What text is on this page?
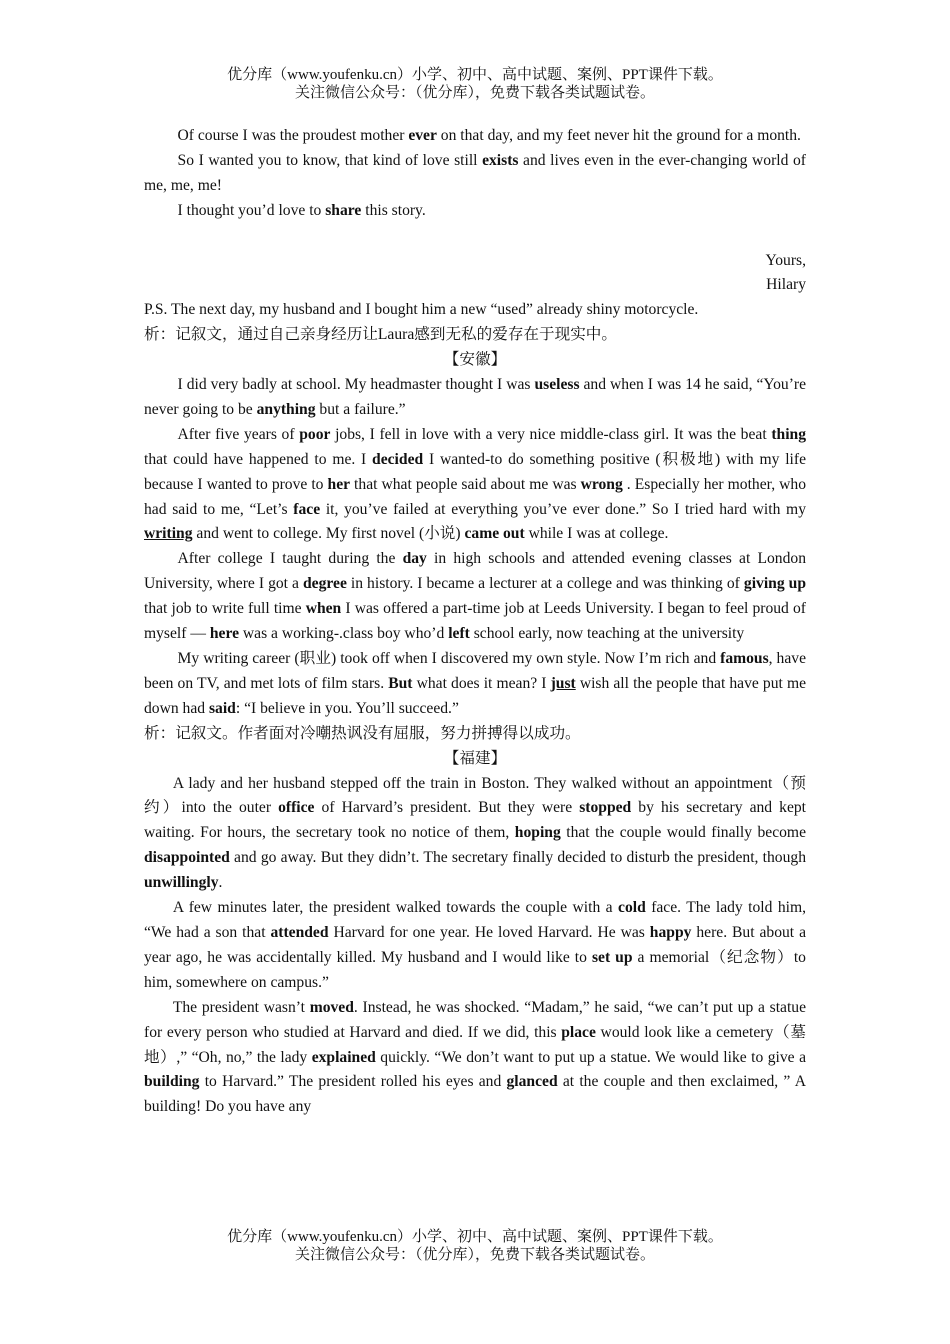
优分库（www.youfenku.cn）小学、初中、高中试题、案例、PPT课件下载。
关注微信公众号：（优分库），免费下载各类试题试卷。

Of course I was the proudest mother ever on that day, and my feet never hit the ground for a month.

So I wanted you to know, that kind of love still exists and lives even in the ever-changing world of me, me, me!

I thought you’d love to share this story.

Yours,

Hilary

P.S. The next day, my husband and I bought him a new “used” already shiny motorcycle.

析：记叙文，通过自己亲身经历让Laura感到无私的爱存在于现实中。

【安徽】

I did very badly at school. My headmaster thought I was useless and when I was 14 he said, “You’re never going to be anything but a failure.”

After five years of poor jobs, I fell in love with a very nice middle-class girl. It was the beat thing that could have happened to me. I decided I wanted-to do something positive (积极地) with my life because I wanted to prove to her that what people said about me was wrong . Especially her mother, who had said to me, “Let’s face it, you’ve failed at everything you’ve ever done.” So I tried hard with my writing and went to college. My first novel (小说) came out while I was at college.

After college I taught during the day in high schools and attended evening classes at London University, where I got a degree in history. I became a lecturer at a college and was thinking of giving up that job to write full time when I was offered a part-time job at Leeds University. I began to feel proud of myself — here was a working-.class boy who’d left school early, now teaching at the university

My writing career (职业) took off when I discovered my own style. Now I’m rich and famous, have been on TV, and met lots of film stars. But what does it mean? I just wish all the people that have put me down had said: “I believe in you. You’ll succeed.”

析：记叙文。作者面对冷嘲热讽没有屈服，努力拼搏得以成功。

【福建】

A lady and her husband stepped off the train in Boston. They walked without an appointment（预约）into the outer office of Harvard’s president. But they were stopped by his secretary and kept waiting. For hours, the secretary took no notice of them, hoping that the couple would finally become disappointed and go away. But they didn’t. The secretary finally decided to disturb the president, though unwillingly.

A few minutes later, the president walked towards the couple with a cold face. The lady told him, “We had a son that attended Harvard for one year. He loved Harvard. He was happy here. But about a year ago, he was accidentally killed. My husband and I would like to set up a memorial（纪念物）to him, somewhere on campus.”

The president wasn’t moved. Instead, he was shocked. “Madam,” he said, “we can’t put up a statue for every person who studied at Harvard and died. If we did, this place would look like a cemetery（墓地）,” “Oh, no,” the lady explained quickly. “We don’t want to put up a statue. We would like to give a building to Harvard.” The president rolled his eyes and glanced at the couple and then exclaimed, ” A building! Do you have any

优分库（www.youfenku.cn）小学、初中、高中试题、案例、PPT课件下载。
关注微信公众号：（优分库），免费下载各类试题试卷。
